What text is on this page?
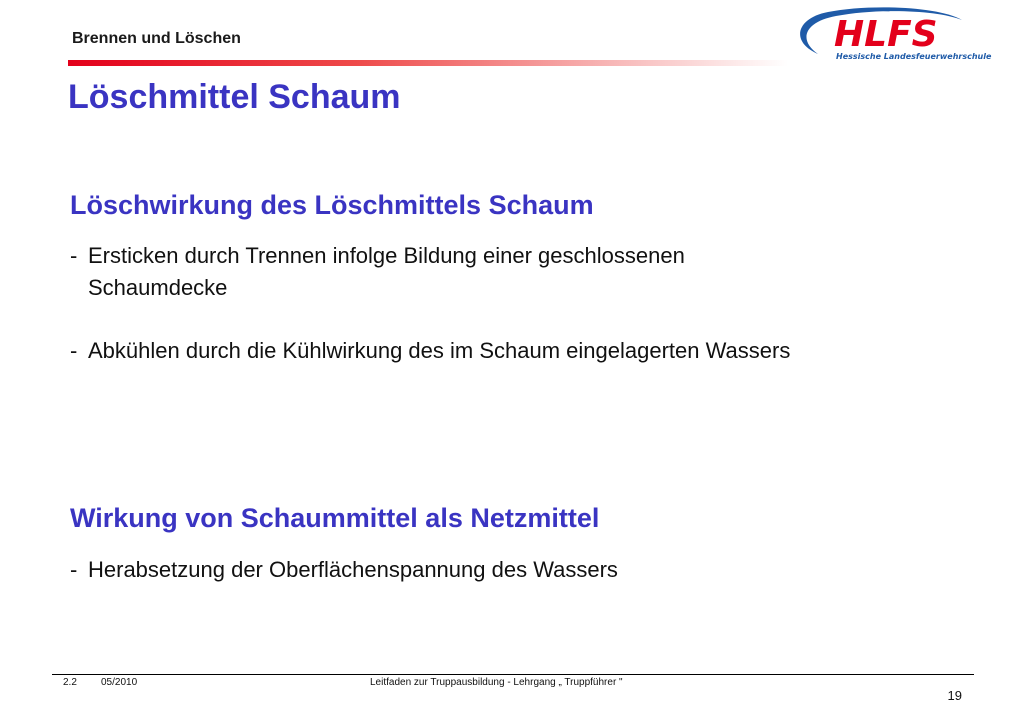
Brennen und Löschen	HLFS
Hessische Landesfeuerwehrschule
Löschmittel Schaum
Löschwirkung des Löschmittels Schaum
- Ersticken durch Trennen infolge Bildung einer geschlossenen Schaumdecke
- Abkühlen durch die Kühlwirkung des im Schaum eingelagerten Wassers
Wirkung von Schaummittel als Netzmittel
- Herabsetzung der Oberflächenspannung des Wassers
2.2 05/2010	Leitfaden zur Truppausbildung - Lehrgang „ Truppführer "
19
